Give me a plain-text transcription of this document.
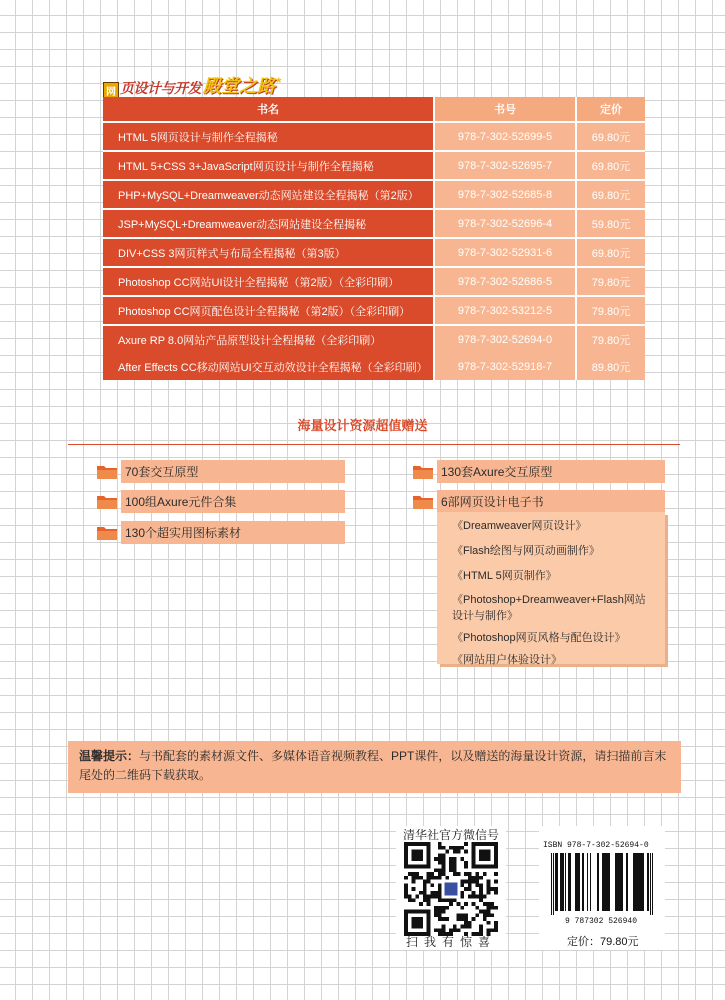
网 页设计与开发 殿堂之路 *
书名	书号	定价
HTML 5网页设计与制作全程揭秘	978-7-302-52699-5	69.80元
HTML 5+CSS 3+JavaScript网页设计与制作全程揭秘	978-7-302-52695-7	69.80元
PHP+MySQL+Dreamweaver动态网站建设全程揭秘（第2版）	978-7-302-52685-8	69.80元
JSP+MySQL+Dreamweaver动态网站建设全程揭秘	978-7-302-52696-4	59.80元
DIV+CSS 3网页样式与布局全程揭秘（第3版）	978-7-302-52931-6	69.80元
Photoshop CC网站UI设计全程揭秘（第2版）（全彩印刷）	978-7-302-52686-5	79.80元
Photoshop CC网页配色设计全程揭秘（第2版）（全彩印刷）	978-7-302-53212-5	79.80元
Axure RP 8.0网站产品原型设计全程揭秘（全彩印刷）	978-7-302-52694-0	79.80元
After Effects CC移动网站UI交互动效设计全程揭秘（全彩印刷）	978-7-302-52918-7	89.80元
海量设计资源超值赠送
70套交互原型
100组Axure元件合集
130个超实用图标素材
130套Axure交互原型
6部网页设计电子书
《Dreamweaver网页设计》
《Flash绘图与网页动画制作》
《HTML 5网页制作》
《Photoshop+Dreamweaver+Flash网站
设计与制作》
《Photoshop网页风格与配色设计》
《网站用户体验设计》
温馨提示：与书配套的素材源文件、多媒体语音视频教程、PPT课件，以及赠送的海量设计资源，请扫描前言末尾处的二维码下载获取。
清华社官方微信号
扫我有惊喜
ISBN 978-7-302-52694-0
9 787302 526940
定价：79.80元
